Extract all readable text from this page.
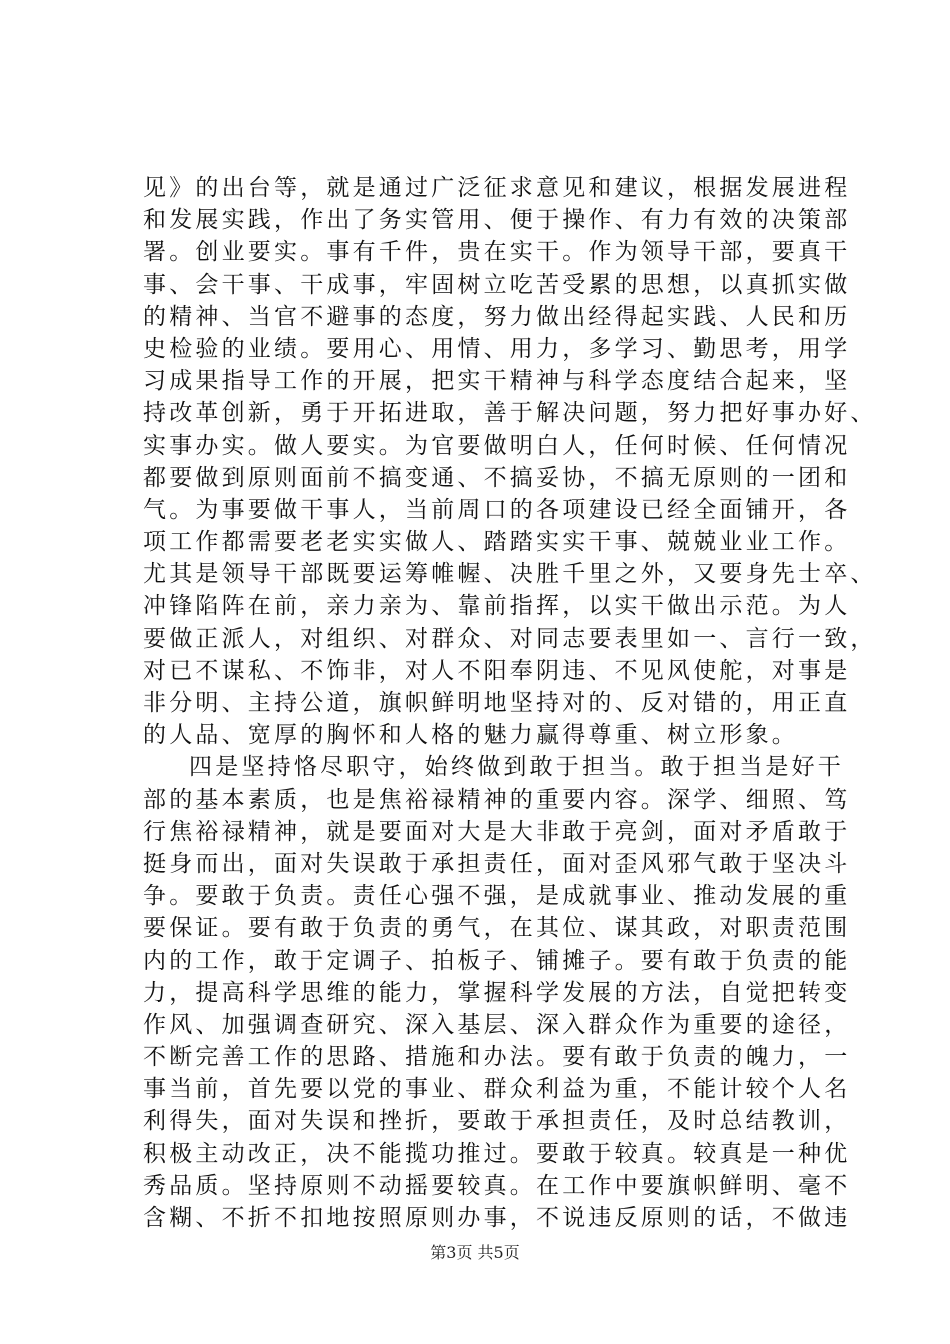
见》的出台等，就是通过广泛征求意见和建议，根据发展进程
和发展实践，作出了务实管用、便于操作、有力有效的决策部
署。创业要实。事有千件，贵在实干。作为领导干部，要真干
事、会干事、干成事，牢固树立吃苦受累的思想，以真抓实做
的精神、当官不避事的态度，努力做出经得起实践、人民和历
史检验的业绩。要用心、用情、用力，多学习、勤思考，用学
习成果指导工作的开展，把实干精神与科学态度结合起来，坚
持改革创新，勇于开拓进取，善于解决问题，努力把好事办好、
实事办实。做人要实。为官要做明白人，任何时候、任何情况
都要做到原则面前不搞变通、不搞妥协，不搞无原则的一团和
气。为事要做干事人，当前周口的各项建设已经全面铺开，各
项工作都需要老老实实做人、踏踏实实干事、兢兢业业工作。
尤其是领导干部既要运筹帷幄、决胜千里之外，又要身先士卒、
冲锋陷阵在前，亲力亲为、靠前指挥，以实干做出示范。为人
要做正派人，对组织、对群众、对同志要表里如一、言行一致，
对已不谋私、不饰非，对人不阳奉阴违、不见风使舵，对事是
非分明、主持公道，旗帜鲜明地坚持对的、反对错的，用正直
的人品、宽厚的胸怀和人格的魅力赢得尊重、树立形象。
四是坚持恪尽职守，始终做到敢于担当。敢于担当是好干
部的基本素质，也是焦裕禄精神的重要内容。深学、细照、笃
行焦裕禄精神，就是要面对大是大非敢于亮剑，面对矛盾敢于
挺身而出，面对失误敢于承担责任，面对歪风邪气敢于坚决斗
争。要敢于负责。责任心强不强，是成就事业、推动发展的重
要保证。要有敢于负责的勇气，在其位、谋其政，对职责范围
内的工作，敢于定调子、拍板子、铺摊子。要有敢于负责的能
力，提高科学思维的能力，掌握科学发展的方法，自觉把转变
作风、加强调查研究、深入基层、深入群众作为重要的途径，
不断完善工作的思路、措施和办法。要有敢于负责的魄力，一
事当前，首先要以党的事业、群众利益为重，不能计较个人名
利得失，面对失误和挫折，要敢于承担责任，及时总结教训，
积极主动改正，决不能揽功推过。要敢于较真。较真是一种优
秀品质。坚持原则不动摇要较真。在工作中要旗帜鲜明、毫不
含糊、不折不扣地按照原则办事，不说违反原则的话，不做违
第3页 共5页
